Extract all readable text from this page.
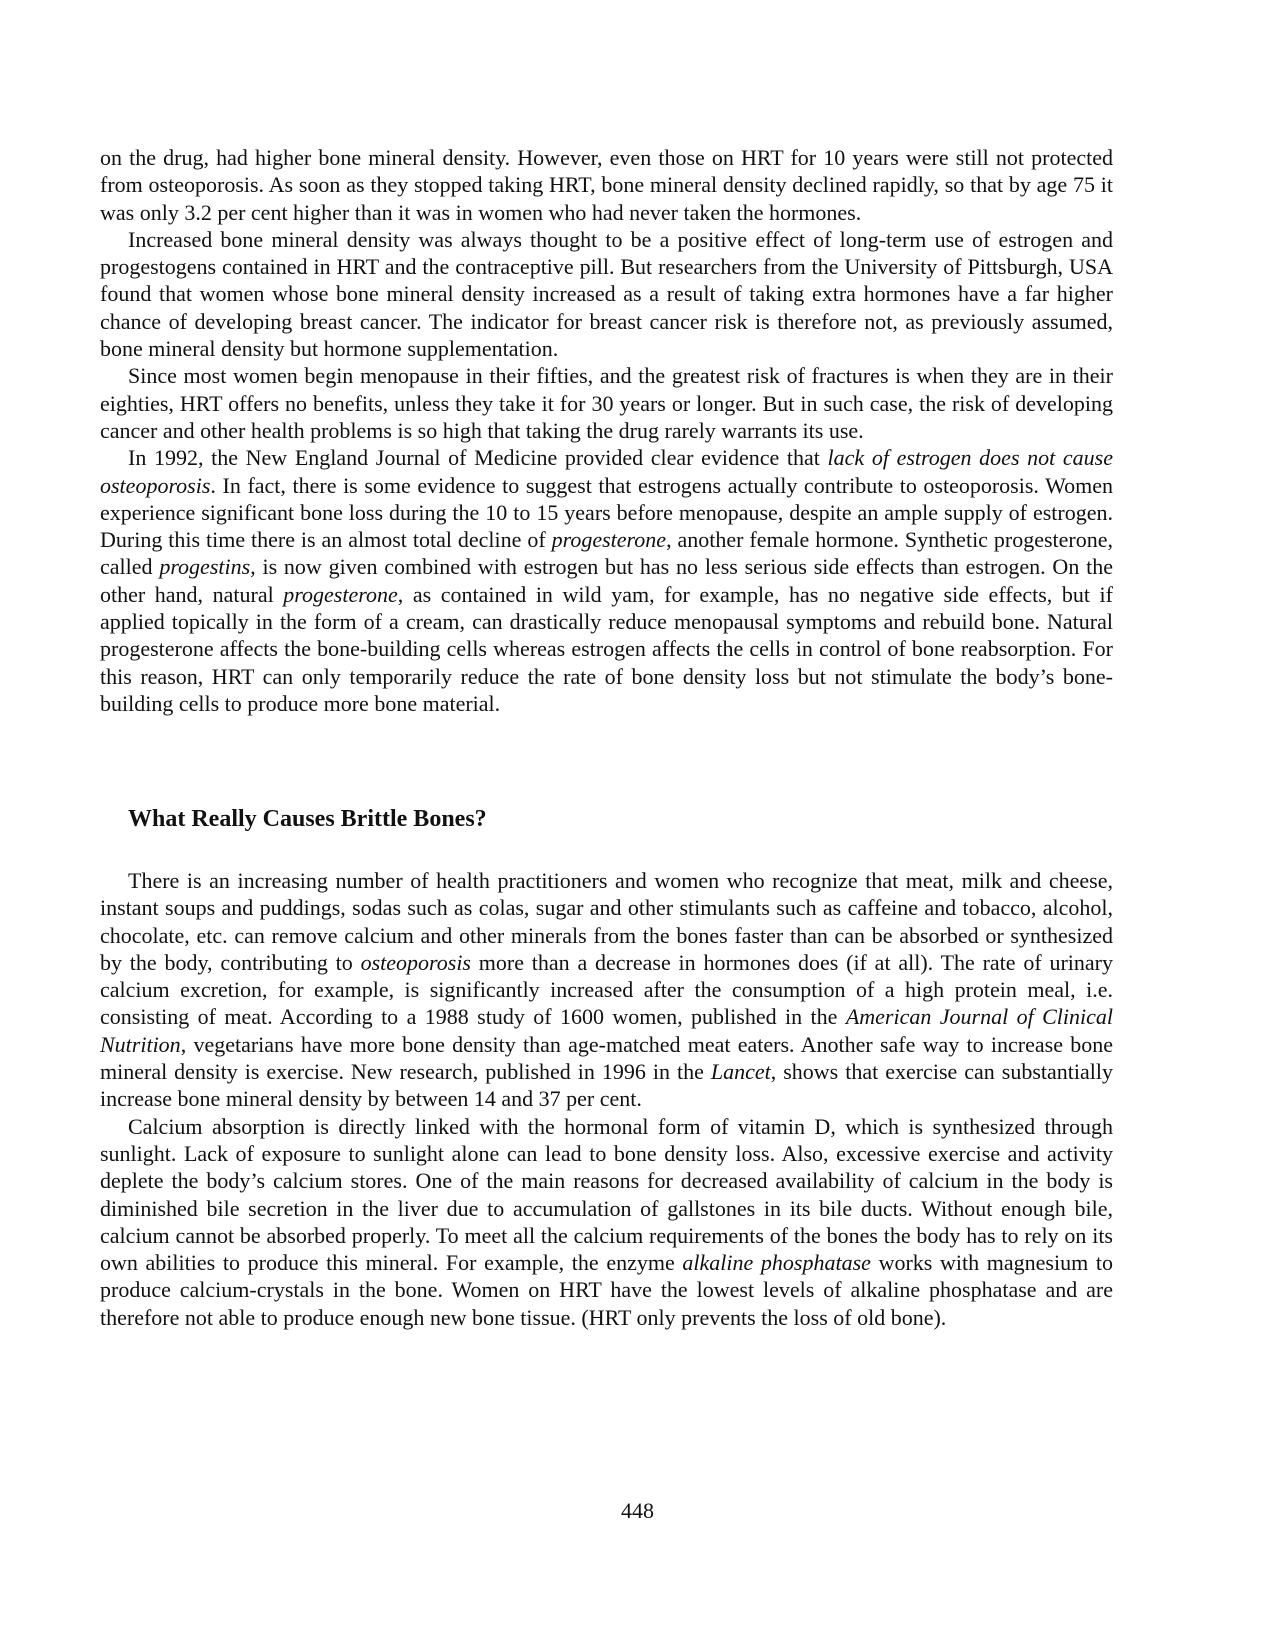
on the drug, had higher bone mineral density. However, even those on HRT for 10 years were still not protected from osteoporosis. As soon as they stopped taking HRT, bone mineral density declined rapidly, so that by age 75 it was only 3.2 per cent higher than it was in women who had never taken the hormones.

Increased bone mineral density was always thought to be a positive effect of long-term use of estrogen and progestogens contained in HRT and the contraceptive pill. But researchers from the University of Pittsburgh, USA found that women whose bone mineral density increased as a result of taking extra hormones have a far higher chance of developing breast cancer. The indicator for breast cancer risk is therefore not, as previously assumed, bone mineral density but hormone supplementation.

Since most women begin menopause in their fifties, and the greatest risk of fractures is when they are in their eighties, HRT offers no benefits, unless they take it for 30 years or longer. But in such case, the risk of developing cancer and other health problems is so high that taking the drug rarely warrants its use.

In 1992, the New England Journal of Medicine provided clear evidence that lack of estrogen does not cause osteoporosis. In fact, there is some evidence to suggest that estrogens actually contribute to osteoporosis. Women experience significant bone loss during the 10 to 15 years before menopause, despite an ample supply of estrogen. During this time there is an almost total decline of progesterone, another female hormone. Synthetic progesterone, called progestins, is now given combined with estrogen but has no less serious side effects than estrogen. On the other hand, natural progesterone, as contained in wild yam, for example, has no negative side effects, but if applied topically in the form of a cream, can drastically reduce menopausal symptoms and rebuild bone. Natural progesterone affects the bone-building cells whereas estrogen affects the cells in control of bone reabsorption. For this reason, HRT can only temporarily reduce the rate of bone density loss but not stimulate the body’s bone-building cells to produce more bone material.

What Really Causes Brittle Bones?

There is an increasing number of health practitioners and women who recognize that meat, milk and cheese, instant soups and puddings, sodas such as colas, sugar and other stimulants such as caffeine and tobacco, alcohol, chocolate, etc. can remove calcium and other minerals from the bones faster than can be absorbed or synthesized by the body, contributing to osteoporosis more than a decrease in hormones does (if at all). The rate of urinary calcium excretion, for example, is significantly increased after the consumption of a high protein meal, i.e. consisting of meat. According to a 1988 study of 1600 women, published in the American Journal of Clinical Nutrition, vegetarians have more bone density than age-matched meat eaters. Another safe way to increase bone mineral density is exercise. New research, published in 1996 in the Lancet, shows that exercise can substantially increase bone mineral density by between 14 and 37 per cent.

Calcium absorption is directly linked with the hormonal form of vitamin D, which is synthesized through sunlight. Lack of exposure to sunlight alone can lead to bone density loss. Also, excessive exercise and activity deplete the body’s calcium stores. One of the main reasons for decreased availability of calcium in the body is diminished bile secretion in the liver due to accumulation of gallstones in its bile ducts. Without enough bile, calcium cannot be absorbed properly. To meet all the calcium requirements of the bones the body has to rely on its own abilities to produce this mineral. For example, the enzyme alkaline phosphatase works with magnesium to produce calcium-crystals in the bone. Women on HRT have the lowest levels of alkaline phosphatase and are therefore not able to produce enough new bone tissue. (HRT only prevents the loss of old bone).

448
